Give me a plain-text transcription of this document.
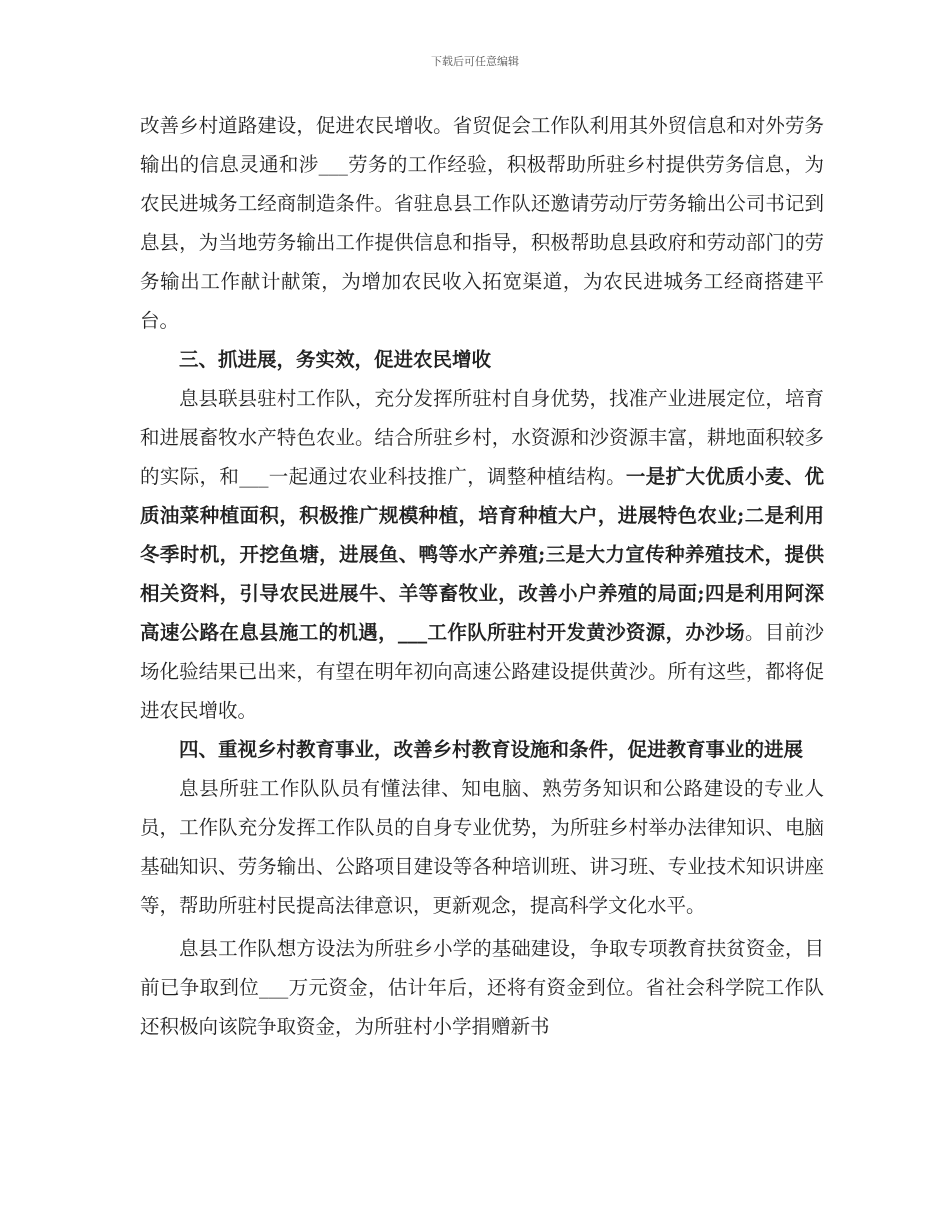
下载后可任意编辑

改善乡村道路建设，促进农民增收。省贸促会工作队利用其外贸信息和对外劳务输出的信息灵通和涉___劳务的工作经验，积极帮助所驻乡村提供劳务信息，为农民进城务工经商制造条件。省驻息县工作队还邀请劳动厅劳务输出公司书记到息县，为当地劳务输出工作提供信息和指导，积极帮助息县政府和劳动部门的劳务输出工作献计献策，为增加农民收入拓宽渠道，为农民进城务工经商搭建平台。

三、抓进展，务实效，促进农民增收

息县联县驻村工作队，充分发挥所驻村自身优势，找准产业进展定位，培育和进展畜牧水产特色农业。结合所驻乡村，水资源和沙资源丰富，耕地面积较多的实际，和___一起通过农业科技推广，调整种植结构。一是扩大优质小麦、优质油菜种植面积，积极推广规模种植，培育种植大户，进展特色农业;二是利用冬季时机，开挖鱼塘，进展鱼、鸭等水产养殖;三是大力宣传种养殖技术，提供相关资料，引导农民进展牛、羊等畜牧业，改善小户养殖的局面;四是利用阿深高速公路在息县施工的机遇，___工作队所驻村开发黄沙资源，办沙场。目前沙场化验结果已出来，有望在明年初向高速公路建设提供黄沙。所有这些，都将促进农民增收。

四、重视乡村教育事业，改善乡村教育设施和条件，促进教育事业的进展

息县所驻工作队队员有懂法律、知电脑、熟劳务知识和公路建设的专业人员，工作队充分发挥工作队员的自身专业优势，为所驻乡村举办法律知识、电脑基础知识、劳务输出、公路项目建设等各种培训班、讲习班、专业技术知识讲座等，帮助所驻村民提高法律意识，更新观念，提高科学文化水平。

息县工作队想方设法为所驻乡小学的基础建设，争取专项教育扶贫资金，目前已争取到位___万元资金，估计年后，还将有资金到位。省社会科学院工作队还积极向该院争取资金，为所驻村小学捐赠新书
